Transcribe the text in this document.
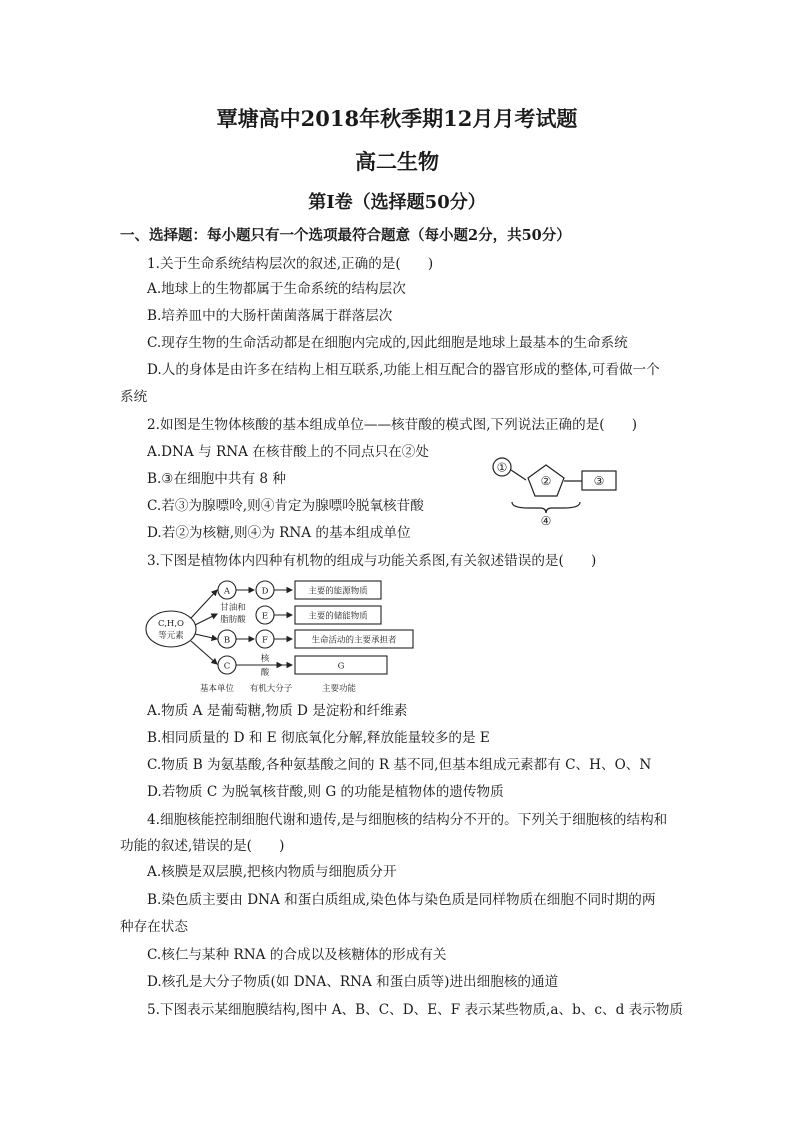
覃塘高中2018年秋季期12月月考试题
高二生物
第Ⅰ卷（选择题50分）
一、选择题：每小题只有一个选项最符合题意（每小题2分，共50分）
1.关于生命系统结构层次的叙述,正确的是(　　)
A.地球上的生物都属于生命系统的结构层次
B.培养皿中的大肠杆菌菌落属于群落层次
C.现存生物的生命活动都是在细胞内完成的,因此细胞是地球上最基本的生命系统
D.人的身体是由许多在结构上相互联系,功能上相互配合的器官形成的整体,可看做一个
系统
2.如图是生物体核酸的基本组成单位——核苷酸的模式图,下列说法正确的是(　　)
A.DNA 与 RNA 在核苷酸上的不同点只在②处
B.③在细胞中共有 8 种
C.若③为腺嘌呤,则④肯定为腺嘌呤脱氧核苷酸
D.若②为核糖,则④为 RNA 的基本组成单位
①
②	③
④
3.下图是植物体内四种有机物的组成与功能关系图,有关叙述错误的是(　　)
C,H,O
等元素
A
B
C
D
E
F
甘油和
脂肪酸
核
酸
主要的能源物质
主要的储能物质
生命活动的主要承担者
G
基本单位 有机大分子	主要功能
A.物质 A 是葡萄糖,物质 D 是淀粉和纤维素
B.相同质量的 D 和 E 彻底氧化分解,释放能量较多的是 E
C.物质 B 为氨基酸,各种氨基酸之间的 R 基不同,但基本组成元素都有 C、H、O、N
D.若物质 C 为脱氧核苷酸,则 G 的功能是植物体的遗传物质
4.细胞核能控制细胞代谢和遗传,是与细胞核的结构分不开的。下列关于细胞核的结构和
功能的叙述,错误的是(　　)
A.核膜是双层膜,把核内物质与细胞质分开
B.染色质主要由 DNA 和蛋白质组成,染色体与染色质是同样物质在细胞不同时期的两
种存在状态
C.核仁与某种 RNA 的合成以及核糖体的形成有关
D.核孔是大分子物质(如 DNA、RNA 和蛋白质等)进出细胞核的通道
5.下图表示某细胞膜结构,图中 A、B、C、D、E、F 表示某些物质,a、b、c、d 表示物质
